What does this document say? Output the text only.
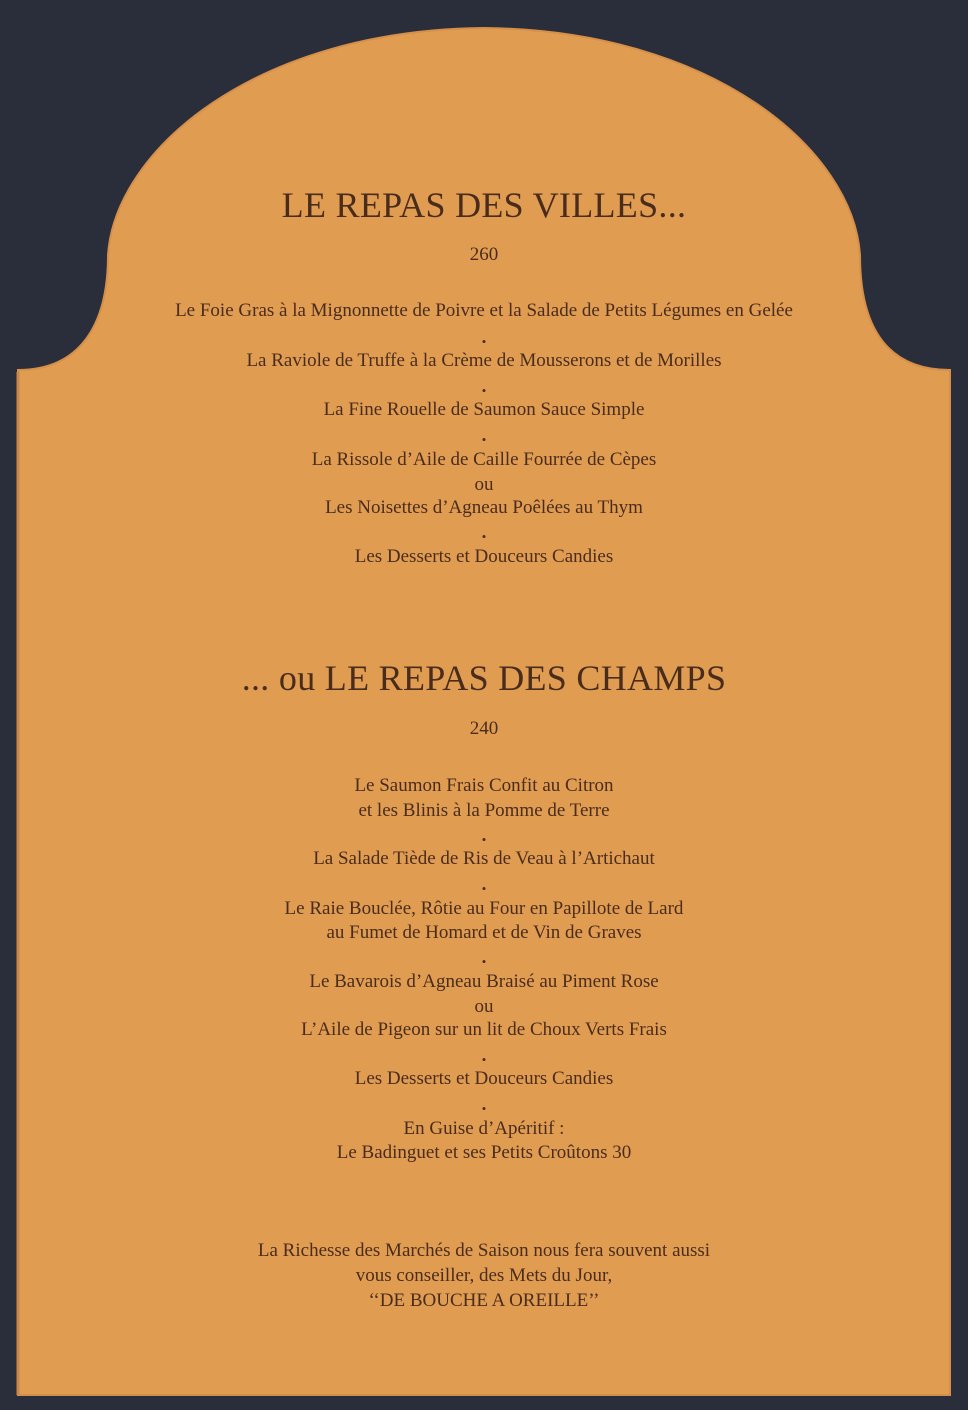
LE REPAS DES VILLES...
260
Le Foie Gras à la Mignonnette de Poivre et la Salade de Petits Légumes en Gelée
•
La Raviole de Truffe à la Crème de Mousserons et de Morilles
•
La Fine Rouelle de Saumon Sauce Simple
•
La Rissole d’Aile de Caille Fourrée de Cèpes
ou
Les Noisettes d’Agneau Poêlées au Thym
•
Les Desserts et Douceurs Candies
... ou LE REPAS DES CHAMPS
240
Le Saumon Frais Confit au Citron
et les Blinis à la Pomme de Terre
•
La Salade Tiède de Ris de Veau à l’Artichaut
•
Le Raie Bouclée, Rôtie au Four en Papillote de Lard
au Fumet de Homard et de Vin de Graves
•
Le Bavarois d’Agneau Braisé au Piment Rose
ou
L’Aile de Pigeon sur un lit de Choux Verts Frais
•
Les Desserts et Douceurs Candies
•
En Guise d’Apéritif :
Le Badinguet et ses Petits Croûtons 30
La Richesse des Marchés de Saison nous fera souvent aussi
vous conseiller, des Mets du Jour,
‘‘DE BOUCHE A OREILLE’’
